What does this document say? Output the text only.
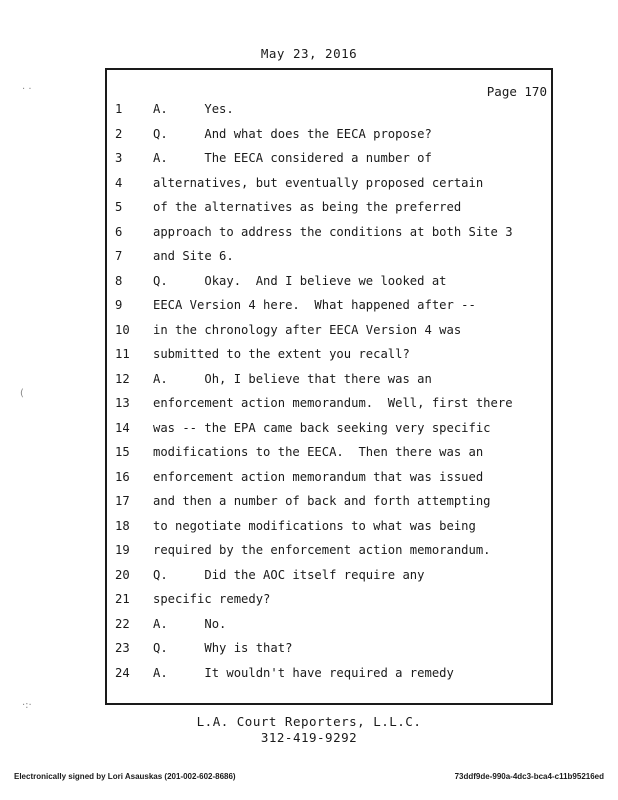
May 23, 2016
· ·
(
·:·
Page 170
1	A.     Yes.
2	Q.     And what does the EECA propose?
3	A.     The EECA considered a number of
4	alternatives, but eventually proposed certain
5	of the alternatives as being the preferred
6	approach to address the conditions at both Site 3
7	and Site 6.
8	Q.     Okay.  And I believe we looked at
9	EECA Version 4 here.  What happened after --
10	in the chronology after EECA Version 4 was
11	submitted to the extent you recall?
12	A.     Oh, I believe that there was an
13	enforcement action memorandum.  Well, first there
14	was -- the EPA came back seeking very specific
15	modifications to the EECA.  Then there was an
16	enforcement action memorandum that was issued
17	and then a number of back and forth attempting
18	to negotiate modifications to what was being
19	required by the enforcement action memorandum.
20	Q.     Did the AOC itself require any
21	specific remedy?
22	A.     No.
23	Q.     Why is that?
24	A.     It wouldn't have required a remedy
L.A. Court Reporters, L.L.C.
312-419-9292
Electronically signed by Lori Asauskas (201-002-602-8686)	73ddf9de-990a-4dc3-bca4-c11b95216ed
